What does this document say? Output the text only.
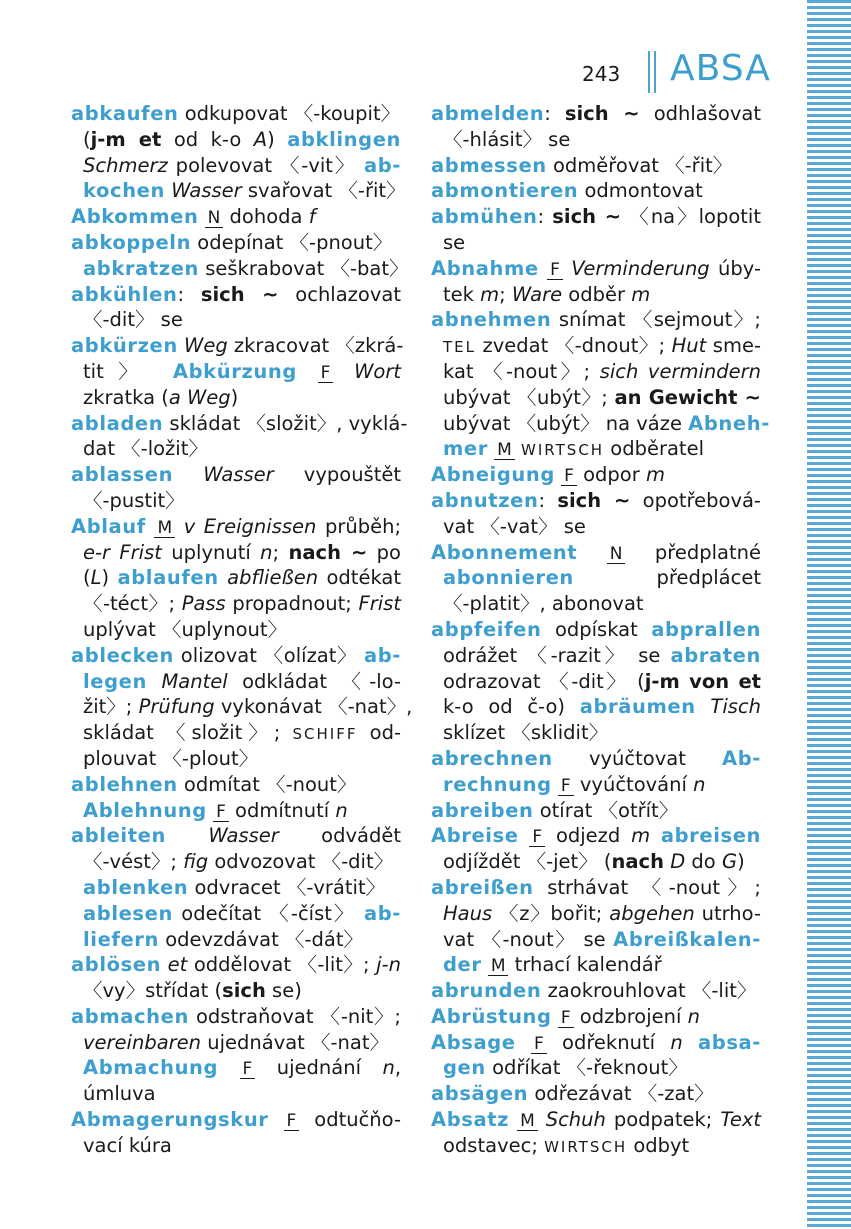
243 ABSA
abkaufen odkupovat 〈-koupit〉
(j-m et od k-o A) abklingen
Schmerz polevovat 〈-vit〉 ab-
kochen Wasser svařovat 〈-řit〉
Abkommen N dohoda f
abkoppeln odepínat 〈-pnout〉
abkratzen seškrabovat 〈-bat〉
abkühlen: sich ~ ochlazovat
〈-dit〉 se
abkürzen Weg zkracovat 〈zkrá-
tit〉 Abkürzung F Wort
zkratka (a Weg)
abladen skládat 〈složit〉, vyklá-
dat 〈-ložit〉
ablassen Wasser vypouštět
〈-pustit〉
Ablauf M v Ereignissen průběh;
e-r Frist uplynutí n; nach ~ po
(L) ablaufen abfließen odtékat
〈-téct〉; Pass propadnout; Frist
uplývat 〈uplynout〉
ablecken olizovat 〈olízat〉 ab-
legen Mantel odkládat 〈-lo-
žit〉; Prüfung vykonávat 〈-nat〉,
skládat 〈složit〉; SCHIFF od-
plouvat 〈-plout〉
ablehnen odmítat 〈-nout〉
Ablehnung F odmítnutí n
ableiten Wasser odvádět
〈-vést〉; fig odvozovat 〈-dit〉
ablenken odvracet 〈-vrátit〉
ablesen odečítat 〈-číst〉 ab-
liefern odevzdávat 〈-dát〉
ablösen et oddělovat 〈-lit〉; j-n
〈vy〉střídat (sich se)
abmachen odstraňovat 〈-nit〉;
vereinbaren ujednávat 〈-nat〉
Abmachung F ujednání n,
úmluva
Abmagerungskur F odtučňo-
vací kúra
abmelden: sich ~ odhlašovat
〈-hlásit〉 se
abmessen odměřovat 〈-řit〉
abmontieren odmontovat
abmühen: sich ~ 〈na〉lopotit
se
Abnahme F Verminderung úby-
tek m; Ware odběr m
abnehmen snímat 〈sejmout〉;
TEL zvedat 〈-dnout〉; Hut sme-
kat 〈-nout〉; sich vermindern
ubývat 〈ubýt〉; an Gewicht ~
ubývat 〈ubýt〉 na váze Abneh-
mer M WIRTSCH odběratel
Abneigung F odpor m
abnutzen: sich ~ opotřebová-
vat 〈-vat〉 se
Abonnement N předplatné
abonnieren předplácet
〈-platit〉, abonovat
abpfeifen odpískat abprallen
odrážet 〈-razit〉 se abraten
odrazovat 〈-dit〉 (j-m von et
k-o od č-o) abräumen Tisch
sklízet 〈sklidit〉
abrechnen vyúčtovat Ab-
rechnung F vyúčtování n
abreiben otírat 〈otřít〉
Abreise F odjezd m abreisen
odjíždět 〈-jet〉 (nach D do G)
abreißen strhávat 〈-nout〉;
Haus 〈z〉bořit; abgehen utrho-
vat 〈-nout〉 se Abreißkalen-
der M trhací kalendář
abrunden zaokrouhlovat 〈-lit〉
Abrüstung F odzbrojení n
Absage F odřeknutí n absa-
gen odříkat 〈-řeknout〉
absägen odřezávat 〈-zat〉
Absatz M Schuh podpatek; Text
odstavec; WIRTSCH odbyt
